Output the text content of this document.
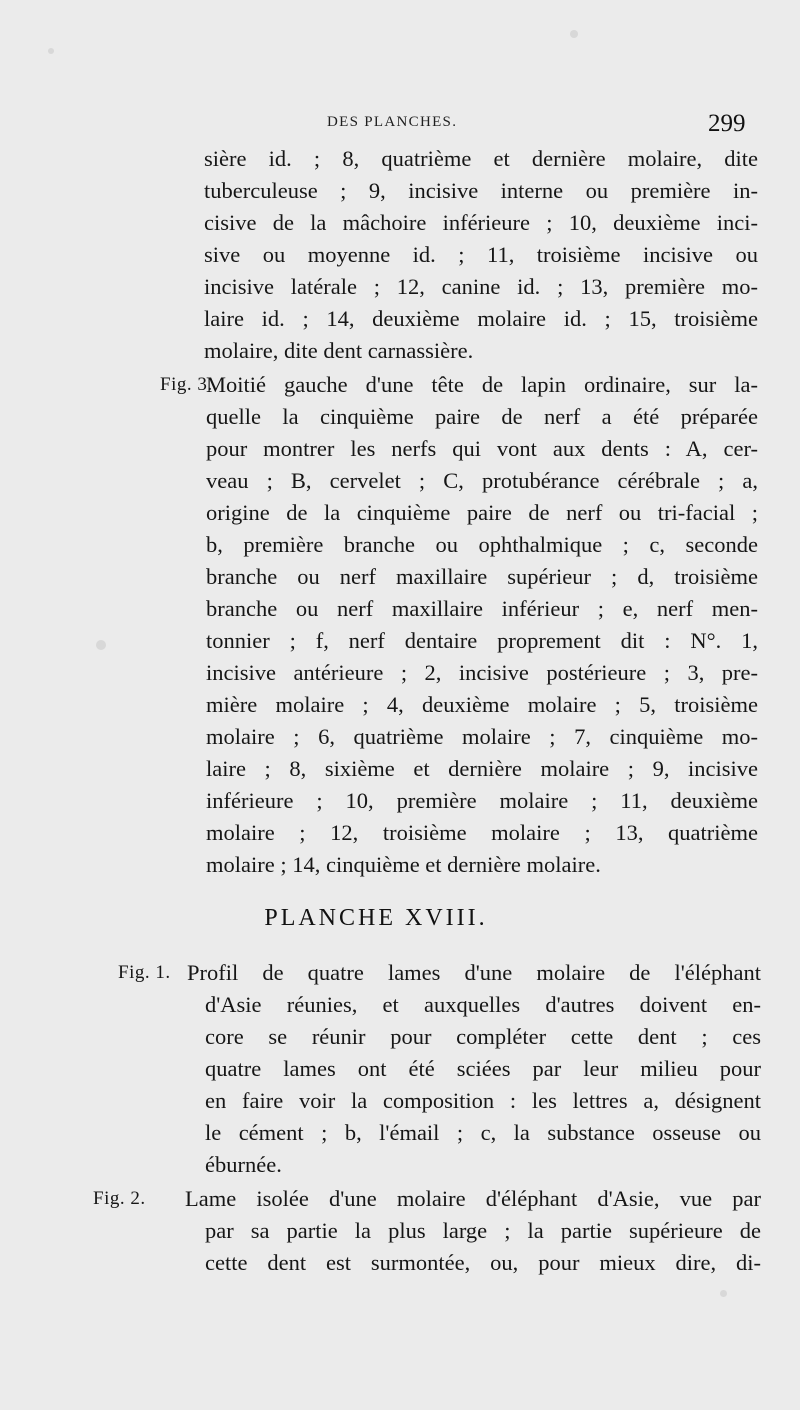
DES PLANCHES.	299
sière id. ; 8, quatrième et dernière molaire, dite
tuberculeuse ; 9, incisive interne ou première in-
cisive de la mâchoire inférieure ; 10, deuxième inci-
sive ou moyenne id. ; 11, troisième incisive ou
incisive latérale ; 12, canine id. ; 13, première mo-
laire id. ; 14, deuxième molaire id. ; 15, troisième
molaire, dite dent carnassière.
Fig. 3.
Moitié gauche d'une tête de lapin ordinaire, sur la-
quelle la cinquième paire de nerf a été préparée
pour montrer les nerfs qui vont aux dents : A, cer-
veau ; B, cervelet ; C, protubérance cérébrale ; a,
origine de la cinquième paire de nerf ou tri-facial ;
b, première branche ou ophthalmique ; c, seconde
branche ou nerf maxillaire supérieur ; d, troisième
branche ou nerf maxillaire inférieur ; e, nerf men-
tonnier ; f, nerf dentaire proprement dit : N°. 1,
incisive antérieure ; 2, incisive postérieure ; 3, pre-
mière molaire ; 4, deuxième molaire ; 5, troisième
molaire ; 6, quatrième molaire ; 7, cinquième mo-
laire ; 8, sixième et dernière molaire ; 9, incisive
inférieure ; 10, première molaire ; 11, deuxième
molaire ; 12, troisième molaire ; 13, quatrième
molaire ; 14, cinquième et dernière molaire.
PLANCHE XVIII.
Fig. 1. Profil de quatre lames d'une molaire de l'éléphant
d'Asie réunies, et auxquelles d'autres doivent en-
core se réunir pour compléter cette dent ; ces
quatre lames ont été sciées par leur milieu pour
en faire voir la composition : les lettres a, désignent
le cément ; b, l'émail ; c, la substance osseuse ou
éburnée.
Fig. 2. Lame isolée d'une molaire d'éléphant d'Asie, vue par
par sa partie la plus large ; la partie supérieure de
cette dent est surmontée, ou, pour mieux dire, di-
